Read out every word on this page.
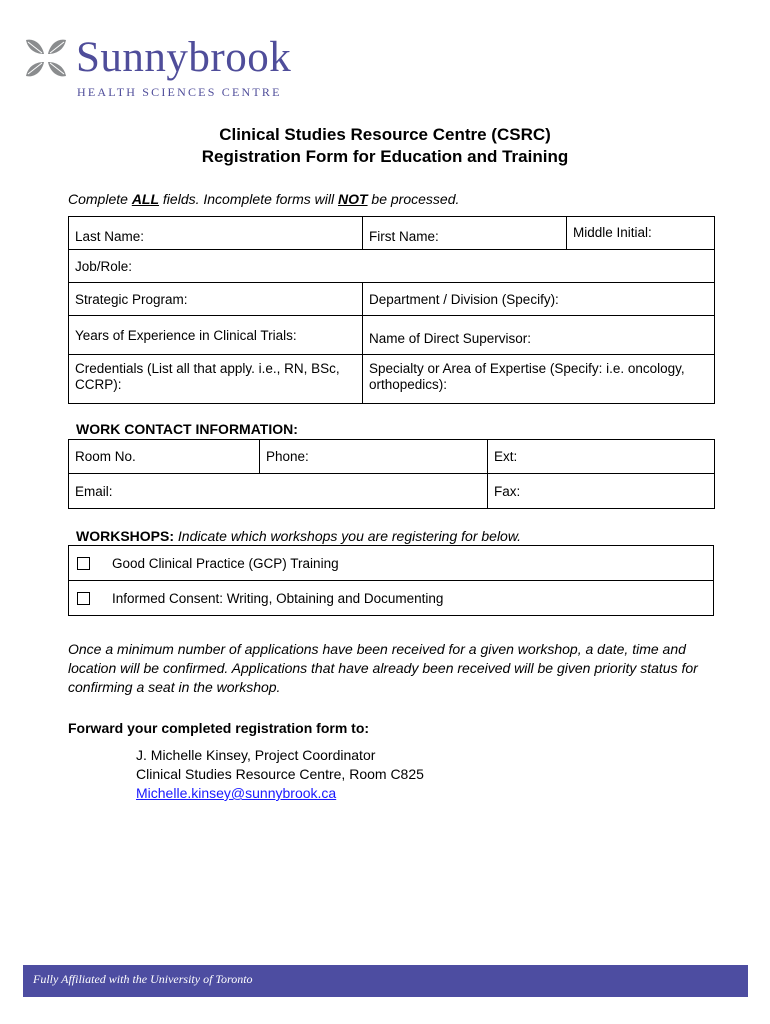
Sunnybrook
HEALTH SCIENCES CENTRE
Clinical Studies Resource Centre (CSRC)
Registration Form for Education and Training
Complete ALL fields. Incomplete forms will NOT be processed.
Last Name:	First Name:	Middle Initial:
Job/Role:		
Strategic Program:	Department / Division (Specify):	
Years of Experience in Clinical Trials:	Name of Direct Supervisor:	
Credentials (List all that apply. i.e., RN, BSc, CCRP):	Specialty or Area of Expertise (Specify: i.e. oncology, orthopedics):	
WORK CONTACT INFORMATION:
Room No.	Phone:	Ext:
Email:		Fax:
WORKSHOPS: Indicate which workshops you are registering for below.
Good Clinical Practice (GCP) Training
Informed Consent: Writing, Obtaining and Documenting
Once a minimum number of applications have been received for a given workshop, a date, time and location will be confirmed. Applications that have already been received will be given priority status for confirming a seat in the workshop.
Forward your completed registration form to:
J. Michelle Kinsey, Project Coordinator
Clinical Studies Resource Centre, Room C825
Michelle.kinsey@sunnybrook.ca
Fully Affiliated with the University of Toronto
